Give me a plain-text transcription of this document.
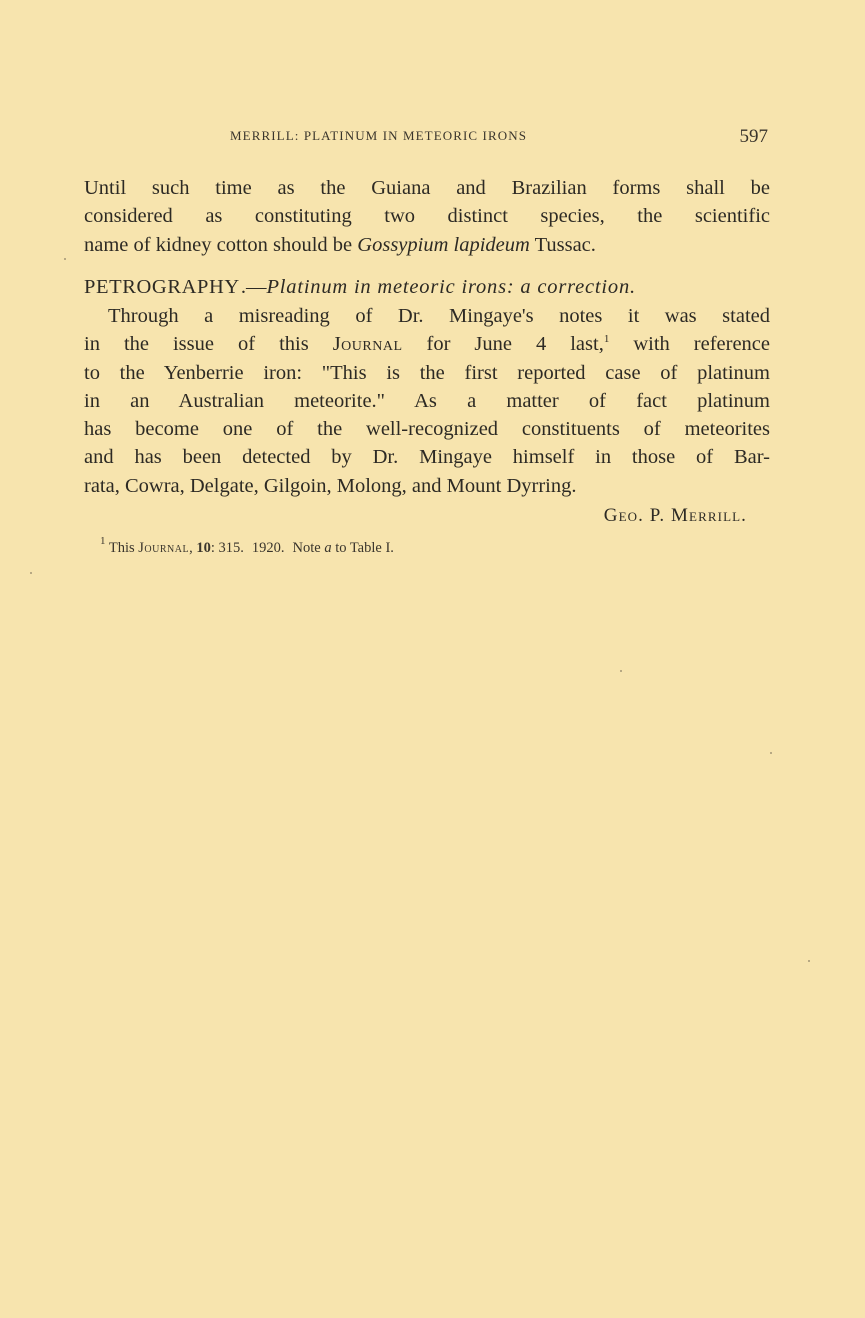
MERRILL: PLATINUM IN METEORIC IRONS	597
Until such time as the Guiana and Brazilian forms shall be
considered as constituting two distinct species, the scientific
name of kidney cotton should be Gossypium lapideum Tussac.
PETROGRAPHY.—Platinum in meteoric irons: a correction.
Through a misreading of Dr. Mingaye's notes it was stated
in the issue of this Journal for June 4 last,$^1$ with reference
to the Yenberrie iron: "This is the first reported case of platinum
in an Australian meteorite." As a matter of fact platinum
has become one of the well-recognized constituents of meteorites
and has been detected by Dr. Mingaye himself in those of Bar-
rata, Cowra, Delgate, Gilgoin, Molong, and Mount Dyrring.
Geo. P. Merrill.
$^1$ This Journal, 10: 315. 1920. Note a to Table I.
